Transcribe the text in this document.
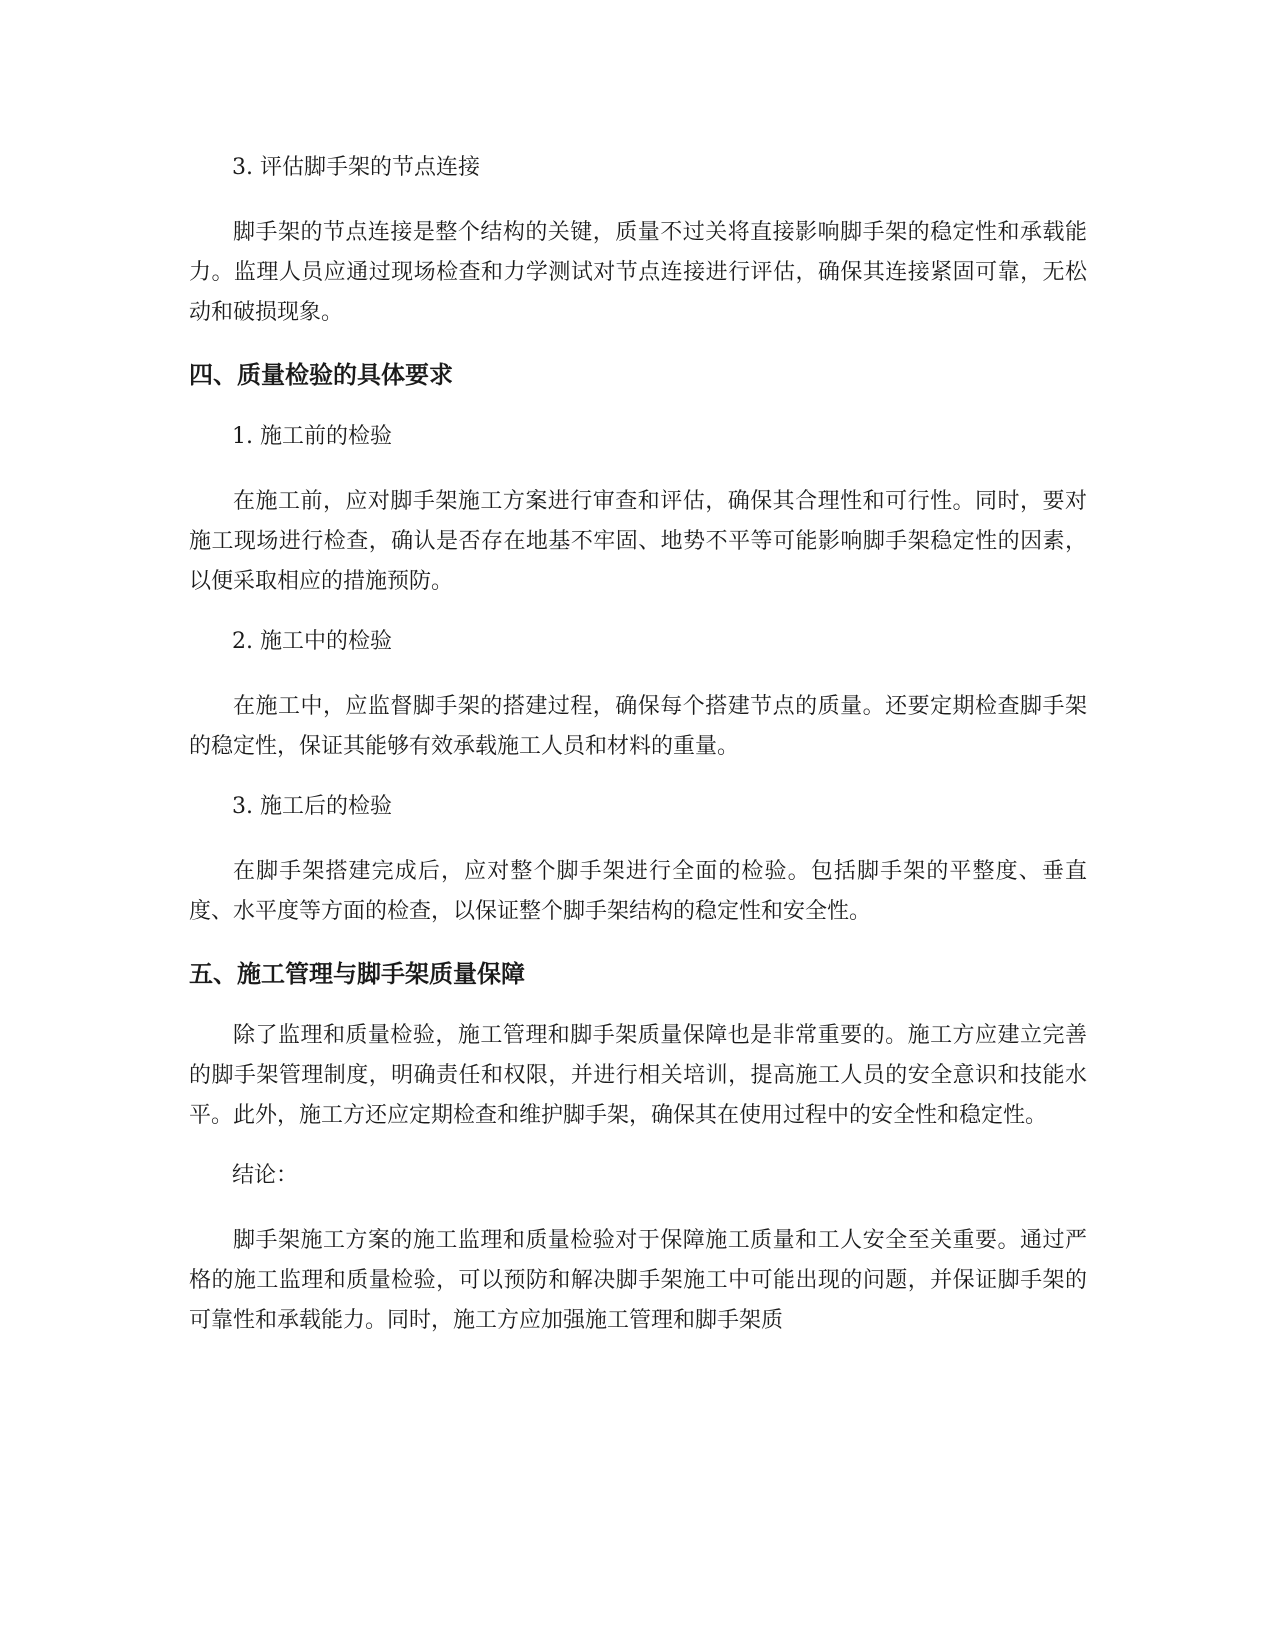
3. 评估脚手架的节点连接

脚手架的节点连接是整个结构的关键，质量不过关将直接影响脚手架的稳定性和承载能力。监理人员应通过现场检查和力学测试对节点连接进行评估，确保其连接紧固可靠，无松动和破损现象。

四、质量检验的具体要求

1. 施工前的检验

在施工前，应对脚手架施工方案进行审查和评估，确保其合理性和可行性。同时，要对施工现场进行检查，确认是否存在地基不牢固、地势不平等可能影响脚手架稳定性的因素，以便采取相应的措施预防。

2. 施工中的检验

在施工中，应监督脚手架的搭建过程，确保每个搭建节点的质量。还要定期检查脚手架的稳定性，保证其能够有效承载施工人员和材料的重量。

3. 施工后的检验

在脚手架搭建完成后，应对整个脚手架进行全面的检验。包括脚手架的平整度、垂直度、水平度等方面的检查，以保证整个脚手架结构的稳定性和安全性。

五、施工管理与脚手架质量保障

除了监理和质量检验，施工管理和脚手架质量保障也是非常重要的。施工方应建立完善的脚手架管理制度，明确责任和权限，并进行相关培训，提高施工人员的安全意识和技能水平。此外，施工方还应定期检查和维护脚手架，确保其在使用过程中的安全性和稳定性。

结论：

脚手架施工方案的施工监理和质量检验对于保障施工质量和工人安全至关重要。通过严格的施工监理和质量检验，可以预防和解决脚手架施工中可能出现的问题，并保证脚手架的可靠性和承载能力。同时，施工方应加强施工管理和脚手架质
